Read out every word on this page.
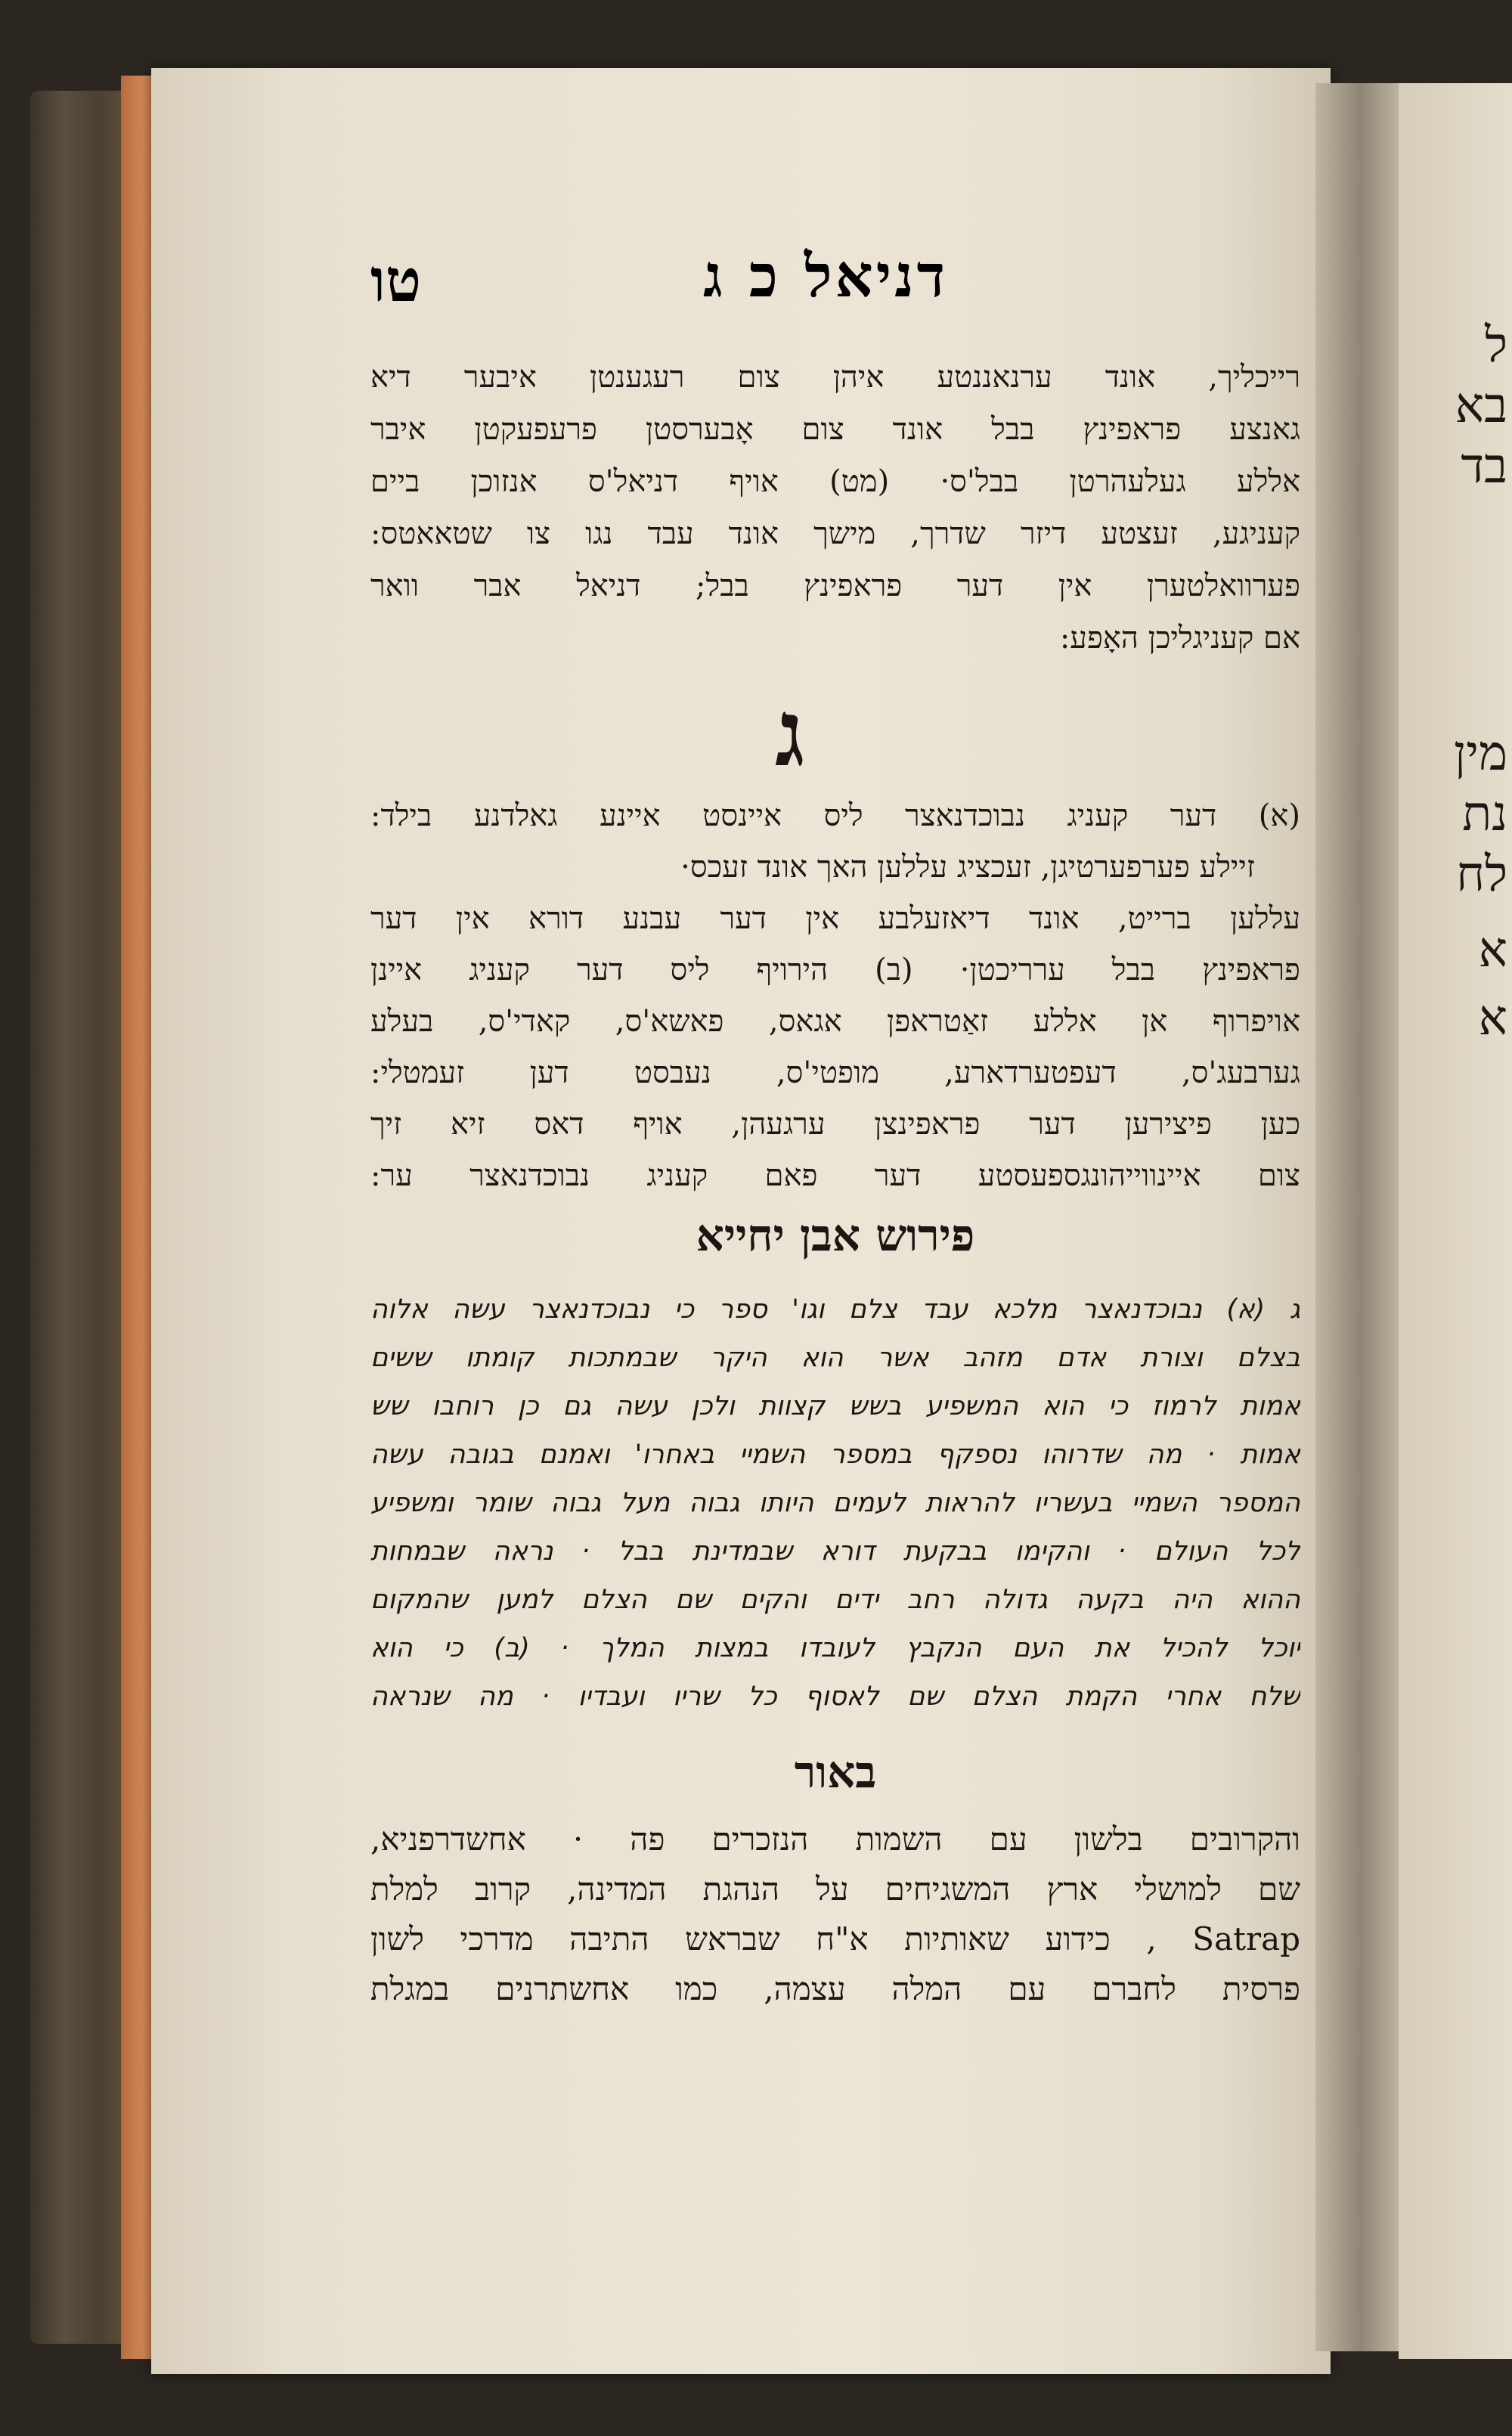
ל
בא
בד
מין
נת
לח
א
א
דניאל כ ג
טו
רייכליך, אונד ערנאננטע איהן צום רעגענטן איבער דיא
גאנצע פראפינץ בבל אונד צום אָבערסטן פרעפעקטן איבר
אללע געלעהרטן בבל'ס· (מט) אויף דניאל'ס אנזוכן ביים
קעניגע, זעצטע דיזר שדרך, מישך אונד עבד נגו צו שטאאטס:
פערוואלטערן אין דער פראפינץ בבל; דניאל אבר וואר
אם קעניגליכן האָפע:
ג
(א) דער קעניג נבוכדנאצר ליס איינסט איינע גאלדנע בילד:
זיילע פערפערטיגן, זעכציג עללען האך אונד זעכס·
עללען ברייט, אונד דיאזעלבע אין דער עבנע דורא אין דער
פראפינץ בבל ערריכטן· (ב) הירויף ליס דער קעניג איינן
אויפרוף אן אללע זאַטראפן אגאס, פאשא'ס, קאדי'ס, בעלע
גערבעג'ס, דעפטערדארע, מופטי'ס, נעבסט דען זעמטלי:
כען פיצירען דער פראפינצן ערגעהן, אויף דאס זיא זיך
צום איינווייהונגספעסטע דער פאם קעניג נבוכדנאצר ער:
פירוש אבן יחייא
ג (א) נבוכדנאצר מלכא עבד צלם וגו' ספר כי נבוכדנאצר עשה אלוה
בצלם וצורת אדם מזהב אשר הוא היקר שבמתכות קומתו ששים
אמות לרמוז כי הוא המשפיע בשש קצוות ולכן עשה גם כן רוחבו שש
אמות · מה שדרוהו נספקף במספר השמיי באחרו' ואמנם בגובה עשה
המספר השמיי בעשריו להראות לעמים היותו גבוה מעל גבוה שומר ומשפיע
לכל העולם · והקימו בבקעת דורא שבמדינת בבל · נראה שבמחות
ההוא היה בקעה גדולה רחב ידים והקים שם הצלם למען שהמקום
יוכל להכיל את העם הנקבץ לעובדו במצות המלך · (ב) כי הוא
שלח אחרי הקמת הצלם שם לאסוף כל שריו ועבדיו · מה שנראה
באור
והקרובים בלשון עם השמות הנזכרים פה · אחשדרפניא,
שם למושלי ארץ המשגיחים על הנהגת המדינה, קרוב למלת
Satrap , כידוע שאותיות א"ח שבראש התיבה מדרכי לשון
פרסית לחברם עם המלה עצמה, כמו אחשתרנים במגלת
